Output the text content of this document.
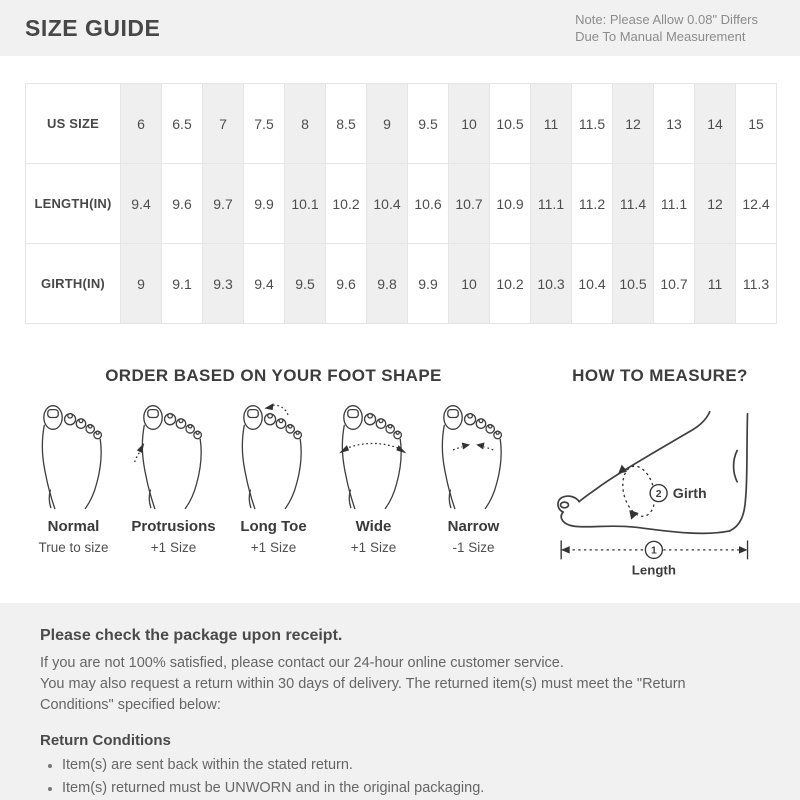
SIZE GUIDE	Note: Please Allow 0.08" Differs
Due To Manual Measurement
US SIZE	6	6.5	7	7.5	8	8.5	9	9.5	10	10.5	11	11.5	12	13	14	15
LENGTH(IN)	9.4	9.6	9.7	9.9	10.1	10.2	10.4	10.6	10.7	10.9	11.1	11.2	11.4	11.1	12	12.4
GIRTH(IN)	9	9.1	9.3	9.4	9.5	9.6	9.8	9.9	10	10.2	10.3	10.4	10.5	10.7	11	11.3
ORDER BASED ON YOUR FOOT SHAPE
Normal
True to size
Protrusions
+1 Size
Long Toe
+1 Size
Wide
+1 Size
Narrow
-1 Size
HOW TO MEASURE?
2 Girth
1
Length
Please check the package upon receipt.
If you are not 100% satisfied, please contact our 24-hour online customer service.
You may also request a return within 30 days of delivery. The returned item(s) must meet the "Return Conditions" specified below:
Return Conditions
• Item(s) are sent back within the stated return.
• Item(s) returned must be UNWORN and in the original packaging.
